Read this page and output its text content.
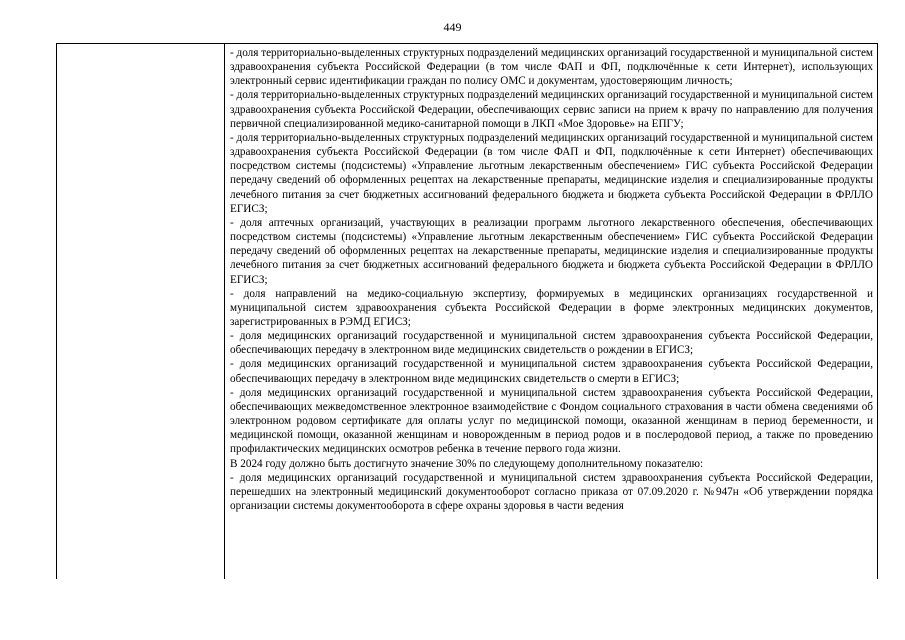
449

- доля территориально-выделенных структурных подразделений медицинских организаций государственной и муниципальной систем здравоохранения субъекта Российской Федерации (в том числе ФАП и ФП, подключённые к сети Интернет), использующих электронный сервис идентификации граждан по полису ОМС и документам, удостоверяющим личность;

- доля территориально-выделенных структурных подразделений медицинских организаций государственной и муниципальной систем здравоохранения субъекта Российской Федерации, обеспечивающих сервис записи на прием к врачу по направлению для получения первичной специализированной медико-санитарной помощи в ЛКП «Мое Здоровье» на ЕПГУ;

- доля территориально-выделенных структурных подразделений медицинских организаций государственной и муниципальной систем здравоохранения субъекта Российской Федерации (в том числе ФАП и ФП, подключённые к сети Интернет) обеспечивающих посредством системы (подсистемы) «Управление льготным лекарственным обеспечением» ГИС субъекта Российской Федерации передачу сведений об оформленных рецептах на лекарственные препараты, медицинские изделия и специализированные продукты лечебного питания за счет бюджетных ассигнований федерального бюджета и бюджета субъекта Российской Федерации в ФРЛЛО ЕГИСЗ;

- доля аптечных организаций, участвующих в реализации программ льготного лекарственного обеспечения, обеспечивающих посредством системы (подсистемы) «Управление льготным лекарственным обеспечением» ГИС субъекта Российской Федерации передачу сведений об оформленных рецептах на лекарственные препараты, медицинские изделия и специализированные продукты лечебного питания за счет бюджетных ассигнований федерального бюджета и бюджета субъекта Российской Федерации в ФРЛЛО ЕГИСЗ;

- доля направлений на медико-социальную экспертизу, формируемых в медицинских организациях государственной и муниципальной систем здравоохранения субъекта Российской Федерации в форме электронных медицинских документов, зарегистрированных в РЭМД ЕГИСЗ;

- доля медицинских организаций государственной и муниципальной систем здравоохранения субъекта Российской Федерации, обеспечивающих передачу в электронном виде медицинских свидетельств о рождении в ЕГИСЗ;

- доля медицинских организаций государственной и муниципальной систем здравоохранения субъекта Российской Федерации, обеспечивающих передачу в электронном виде медицинских свидетельств о смерти в ЕГИСЗ;

- доля медицинских организаций государственной и муниципальной систем здравоохранения субъекта Российской Федерации, обеспечивающих межведомственное электронное взаимодействие с Фондом социального страхования в части обмена сведениями об электронном родовом сертификате для оплаты услуг по медицинской помощи, оказанной женщинам в период беременности, и медицинской помощи, оказанной женщинам и новорожденным в период родов и в послеродовой период, а также по проведению профилактических медицинских осмотров ребенка в течение первого года жизни.

В 2024 году должно быть достигнуто значение 30% по следующему дополнительному показателю:

- доля медицинских организаций государственной и муниципальной систем здравоохранения субъекта Российской Федерации, перешедших на электронный медицинский документооборот согласно приказа от 07.09.2020 г. №947н «Об утверждении порядка организации системы документооборота в сфере охраны здоровья в части ведения
